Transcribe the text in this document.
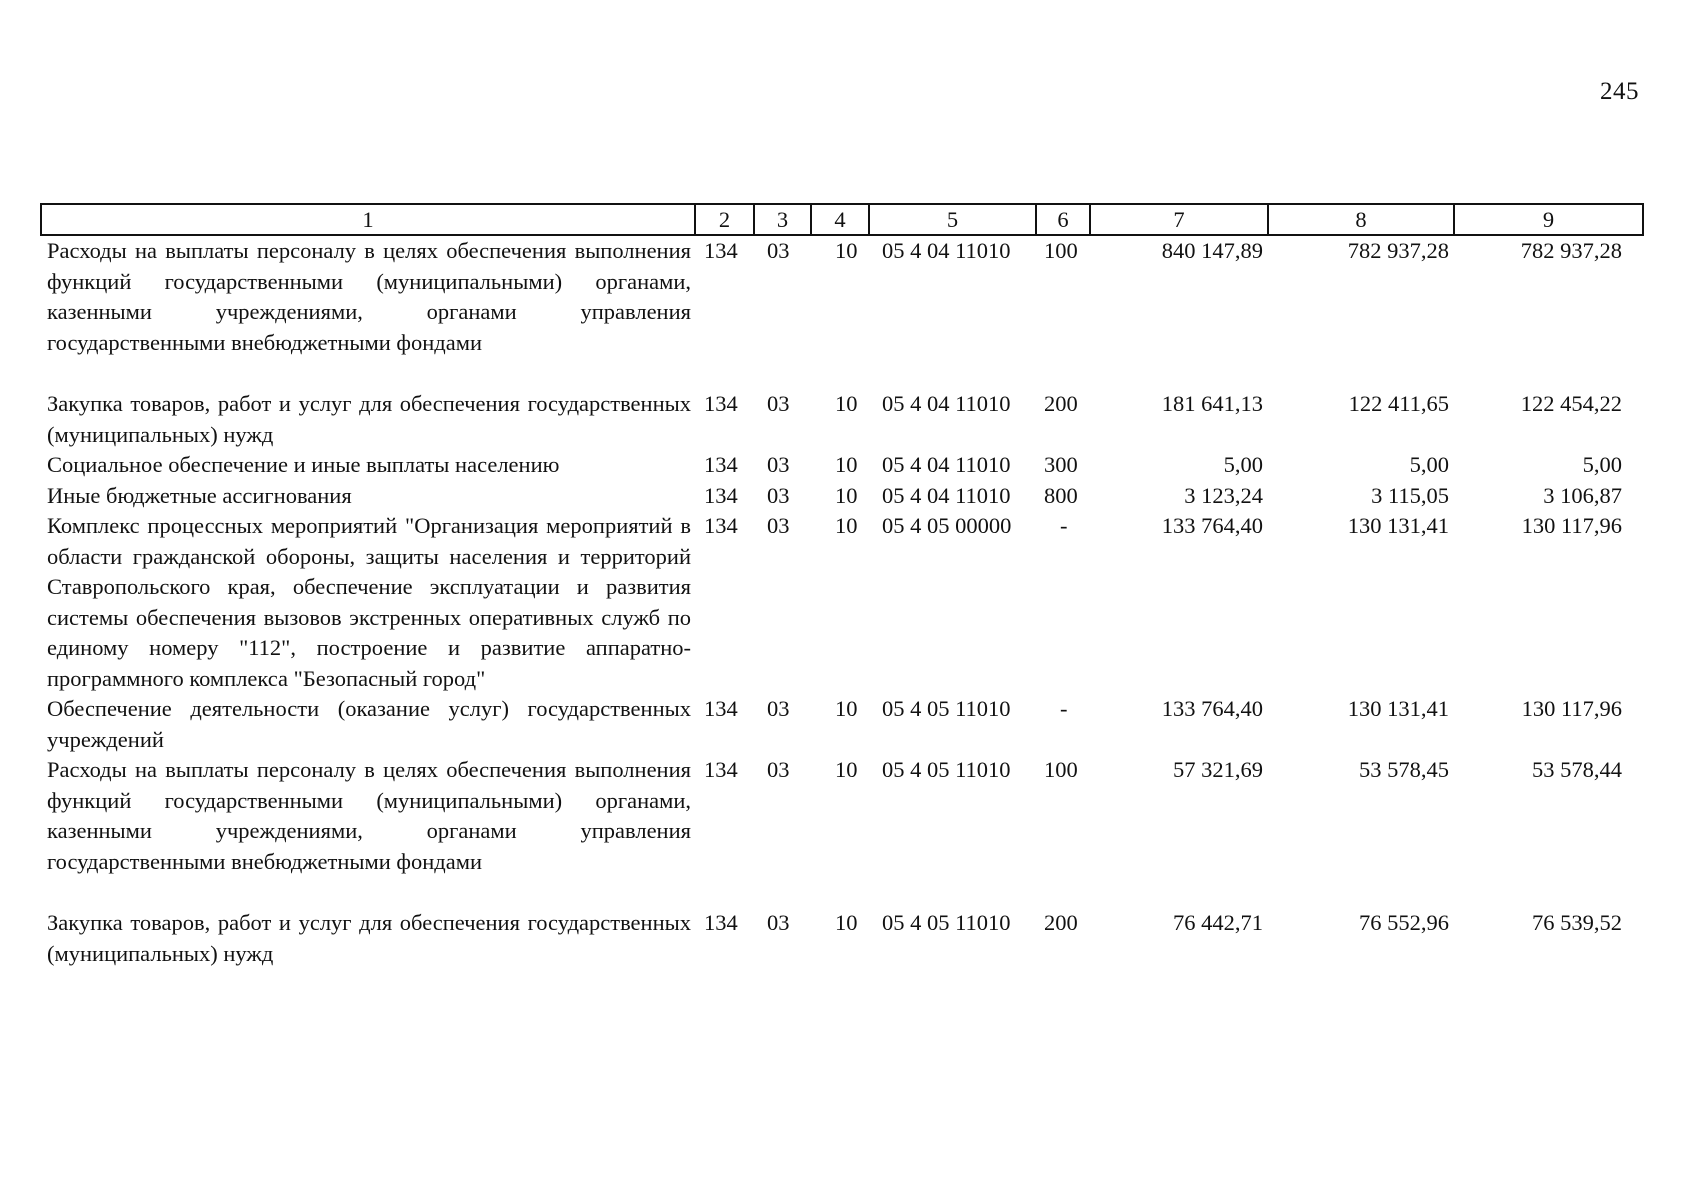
245
1	2	3	4	5	6	7	8	9
Расходы на выплаты персоналу в целях обеспечения выполнения функций государственными (муниципальными) органами, казенными учреждениями, органами управления государственными внебюджетными фондами	134	03	10	05 4 04 11010	100	840 147,89	782 937,28	782 937,28
Закупка товаров, работ и услуг для обеспечения государственных (муниципальных) нужд	134	03	10	05 4 04 11010	200	181 641,13	122 411,65	122 454,22
Социальное обеспечение и иные выплаты населению	134	03	10	05 4 04 11010	300	5,00	5,00	5,00
Иные бюджетные ассигнования	134	03	10	05 4 04 11010	800	3 123,24	3 115,05	3 106,87
Комплекс процессных мероприятий "Организация мероприятий в области гражданской обороны, защиты населения и территорий Ставропольского края, обеспечение эксплуатации и развития системы обеспечения вызовов экстренных оперативных служб по единому номеру "112", построение и развитие аппаратно-программного комплекса "Безопасный город"	134	03	10	05 4 05 00000	-	133 764,40	130 131,41	130 117,96
Обеспечение деятельности (оказание услуг) государственных учреждений	134	03	10	05 4 05 11010	-	133 764,40	130 131,41	130 117,96
Расходы на выплаты персоналу в целях обеспечения выполнения функций государственными (муниципальными) органами, казенными учреждениями, органами управления государственными внебюджетными фондами	134	03	10	05 4 05 11010	100	57 321,69	53 578,45	53 578,44
Закупка товаров, работ и услуг для обеспечения государственных (муниципальных) нужд	134	03	10	05 4 05 11010	200	76 442,71	76 552,96	76 539,52
